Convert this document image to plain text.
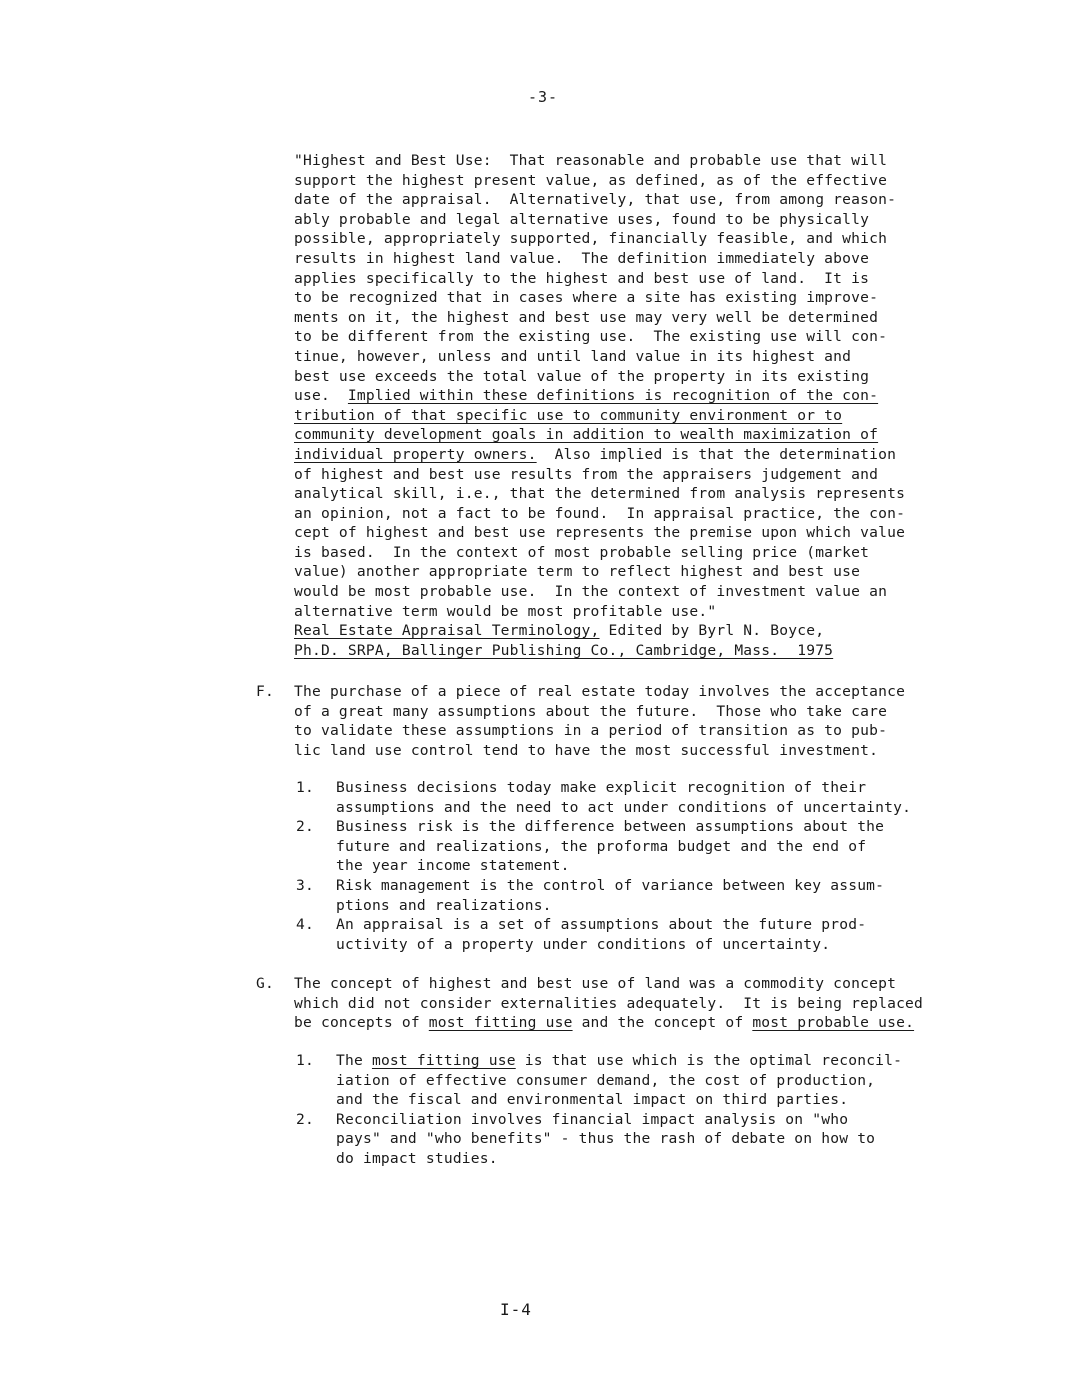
-3-
"Highest and Best Use:  That reasonable and probable use that will
support the highest present value, as defined, as of the effective
date of the appraisal.  Alternatively, that use, from among reason-
ably probable and legal alternative uses, found to be physically
possible, appropriately supported, financially feasible, and which
results in highest land value.  The definition immediately above
applies specifically to the highest and best use of land.  It is
to be recognized that in cases where a site has existing improve-
ments on it, the highest and best use may very well be determined
to be different from the existing use.  The existing use will con-
tinue, however, unless and until land value in its highest and
best use exceeds the total value of the property in its existing
use.  Implied within these definitions is recognition of the con-
tribution of that specific use to community environment or to
community development goals in addition to wealth maximization of
individual property owners.  Also implied is that the determination
of highest and best use results from the appraisers judgement and
analytical skill, i.e., that the determined from analysis represents
an opinion, not a fact to be found.  In appraisal practice, the con-
cept of highest and best use represents the premise upon which value
is based.  In the context of most probable selling price (market
value) another appropriate term to reflect highest and best use
would be most probable use.  In the context of investment value an
alternative term would be most profitable use."

Real Estate Appraisal Terminology, Edited by Byrl N. Boyce,
Ph.D. SRPA, Ballinger Publishing Co., Cambridge, Mass.  1975
F. The purchase of a piece of real estate today involves the acceptance
of a great many assumptions about the future.  Those who take care
to validate these assumptions in a period of transition as to pub-
lic land use control tend to have the most successful investment.
1. Business decisions today make explicit recognition of their
assumptions and the need to act under conditions of uncertainty.
2. Business risk is the difference between assumptions about the
future and realizations, the proforma budget and the end of
the year income statement.
3. Risk management is the control of variance between key assum-
ptions and realizations.
4. An appraisal is a set of assumptions about the future prod-
uctivity of a property under conditions of uncertainty.
G. The concept of highest and best use of land was a commodity concept
which did not consider externalities adequately.  It is being replaced
be concepts of most fitting use and the concept of most probable use.
1. The most fitting use is that use which is the optimal reconcil-
iation of effective consumer demand, the cost of production,
and the fiscal and environmental impact on third parties.
2. Reconciliation involves financial impact analysis on "who
pays" and "who benefits" - thus the rash of debate on how to
do impact studies.
I-4
